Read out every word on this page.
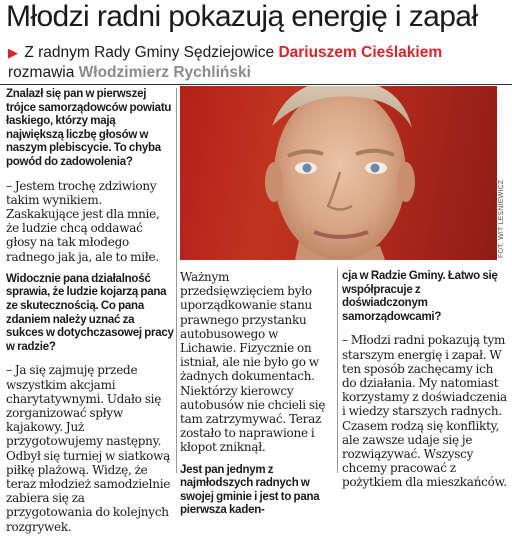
Młodzi radni pokazują energię i zapał
▶ Z radnym Rady Gminy Sędziejowice Dariuszem Cieślakiem
rozmawia Włodzimierz Rychliński

Znalazł się pan w pierwszej trójce samorządowców powiatu łaskiego, którzy mają największą liczbę głosów w naszym plebiscycie. To chyba powód do zadowolenia?

– Jestem trochę zdziwiony takim wynikiem. Zaskakujące jest dla mnie, że ludzie chcą oddawać głosy na tak młodego radnego jak ja, ale to miłe.

Widocznie pana działalność sprawia, że ludzie kojarzą pana ze skutecznością. Co pana zdaniem należy uznać za sukces w dotychczasowej pracy w radzie?

– Ja się zajmuję przede wszystkim akcjami charytatywnymi. Udało się zorganizować spływ kajakowy. Już przygotowujemy następny. Odbył się turniej w siatkową piłkę plażową. Widzę, że teraz młodzież samodzielnie zabiera się za przygotowania do kolejnych rozgrywek.

FOT. WIT LEŚNIEWICZ

Ważnym przedsięwzięciem było uporządkowanie stanu prawnego przystanku autobusowego w Lichawie. Fizycznie on istniał, ale nie było go w żadnych dokumentach. Niektórzy kierowcy autobusów nie chcieli się tam zatrzymywać. Teraz zostało to naprawione i kłopot zniknął.

Jest pan jednym z najmłodszych radnych w swojej gminie i jest to pana pierwsza kaden-

cja w Radzie Gminy. Łatwo się współpracuje z doświadczonym samorządowcami?

– Młodzi radni pokazują tym starszym energię i zapał. W ten sposób zachęcamy ich do działania. My natomiast korzystamy z doświadczenia i wiedzy starszych radnych. Czasem rodzą się konflikty, ale zawsze udaje się je rozwiązywać. Wszyscy chcemy pracować z pożytkiem dla mieszkańców.
